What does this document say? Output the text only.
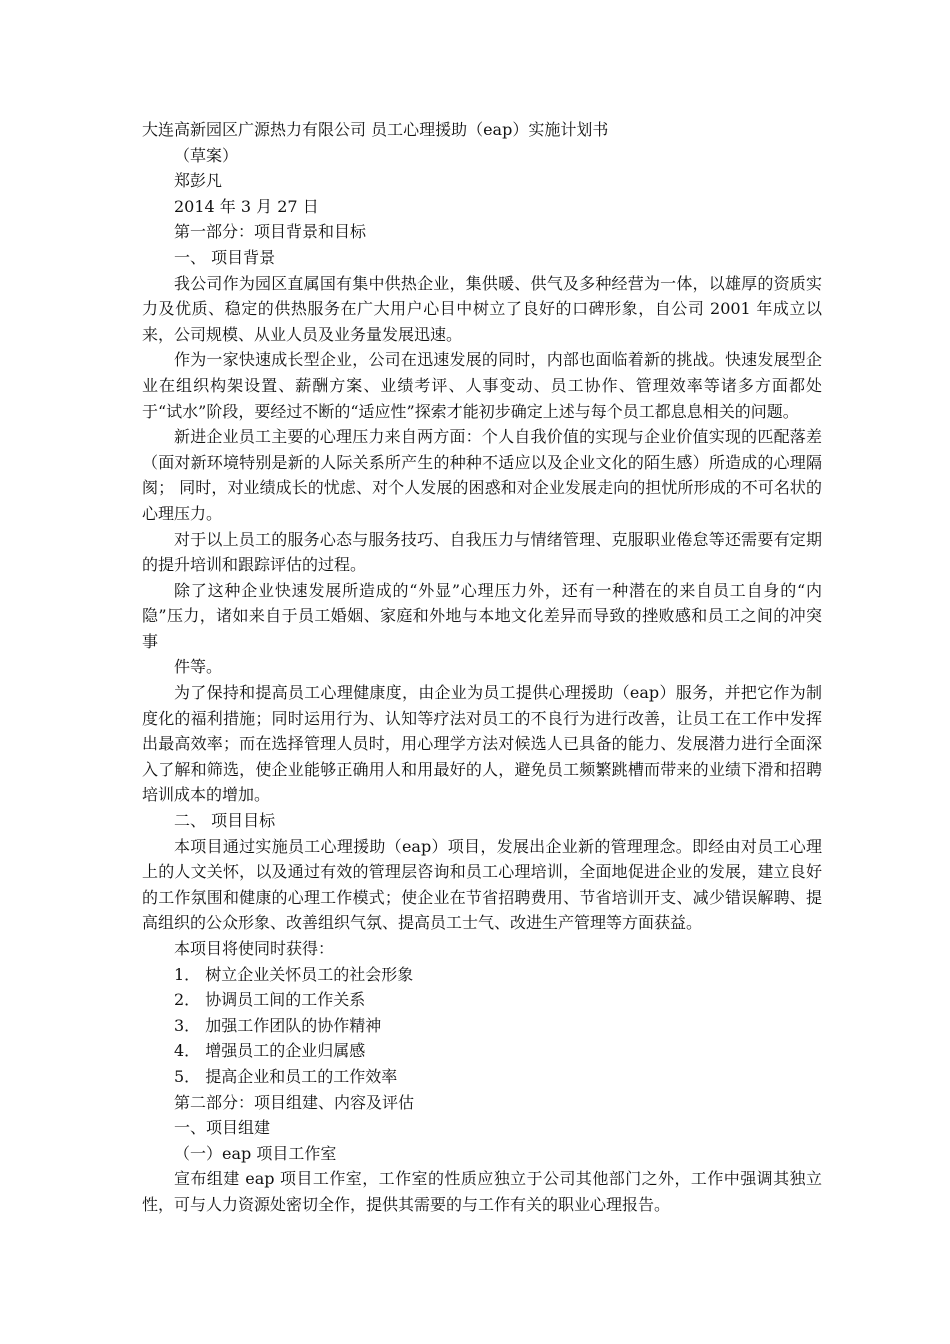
大连高新园区广源热力有限公司 员工心理援助（eap）实施计划书

（草案）

郑彭凡

2014 年 3 月 27 日

第一部分：项目背景和目标

一、 项目背景

我公司作为园区直属国有集中供热企业，集供暖、供气及多种经营为一体，以雄厚的资质实力及优质、稳定的供热服务在广大用户心目中树立了良好的口碑形象，自公司 2001 年成立以来，公司规模、从业人员及业务量发展迅速。

作为一家快速成长型企业，公司在迅速发展的同时，内部也面临着新的挑战。快速发展型企业在组织构架设置、薪酬方案、业绩考评、人事变动、员工协作、管理效率等诸多方面都处于“试水”阶段，要经过不断的“适应性”探索才能初步确定上述与每个员工都息息相关的问题。

新进企业员工主要的心理压力来自两方面：个人自我价值的实现与企业价值实现的匹配落差（面对新环境特别是新的人际关系所产生的种种不适应以及企业文化的陌生感）所造成的心理隔阂； 同时，对业绩成长的忧虑、对个人发展的困惑和对企业发展走向的担忧所形成的不可名状的心理压力。

对于以上员工的服务心态与服务技巧、自我压力与情绪管理、克服职业倦怠等还需要有定期的提升培训和跟踪评估的过程。

除了这种企业快速发展所造成的“外显”心理压力外，还有一种潜在的来自员工自身的“内隐”压力，诸如来自于员工婚姻、家庭和外地与本地文化差异而导致的挫败感和员工之间的冲突事

件等。

为了保持和提高员工心理健康度，由企业为员工提供心理援助（eap）服务，并把它作为制度化的福利措施；同时运用行为、认知等疗法对员工的不良行为进行改善，让员工在工作中发挥出最高效率；而在选择管理人员时，用心理学方法对候选人已具备的能力、发展潜力进行全面深入了解和筛选，使企业能够正确用人和用最好的人，避免员工频繁跳槽而带来的业绩下滑和招聘培训成本的增加。

二、 项目目标

本项目通过实施员工心理援助（eap）项目，发展出企业新的管理理念。即经由对员工心理上的人文关怀，以及通过有效的管理层咨询和员工心理培训，全面地促进企业的发展，建立良好的工作氛围和健康的心理工作模式；使企业在节省招聘费用、节省培训开支、减少错误解聘、提高组织的公众形象、改善组织气氛、提高员工士气、改进生产管理等方面获益。

本项目将使同时获得：

1． 树立企业关怀员工的社会形象

2． 协调员工间的工作关系

3． 加强工作团队的协作精神

4． 增强员工的企业归属感

5． 提高企业和员工的工作效率

第二部分：项目组建、内容及评估

一、项目组建

（一）eap 项目工作室

宣布组建 eap 项目工作室，工作室的性质应独立于公司其他部门之外，工作中强调其独立性，可与人力资源处密切全作，提供其需要的与工作有关的职业心理报告。
